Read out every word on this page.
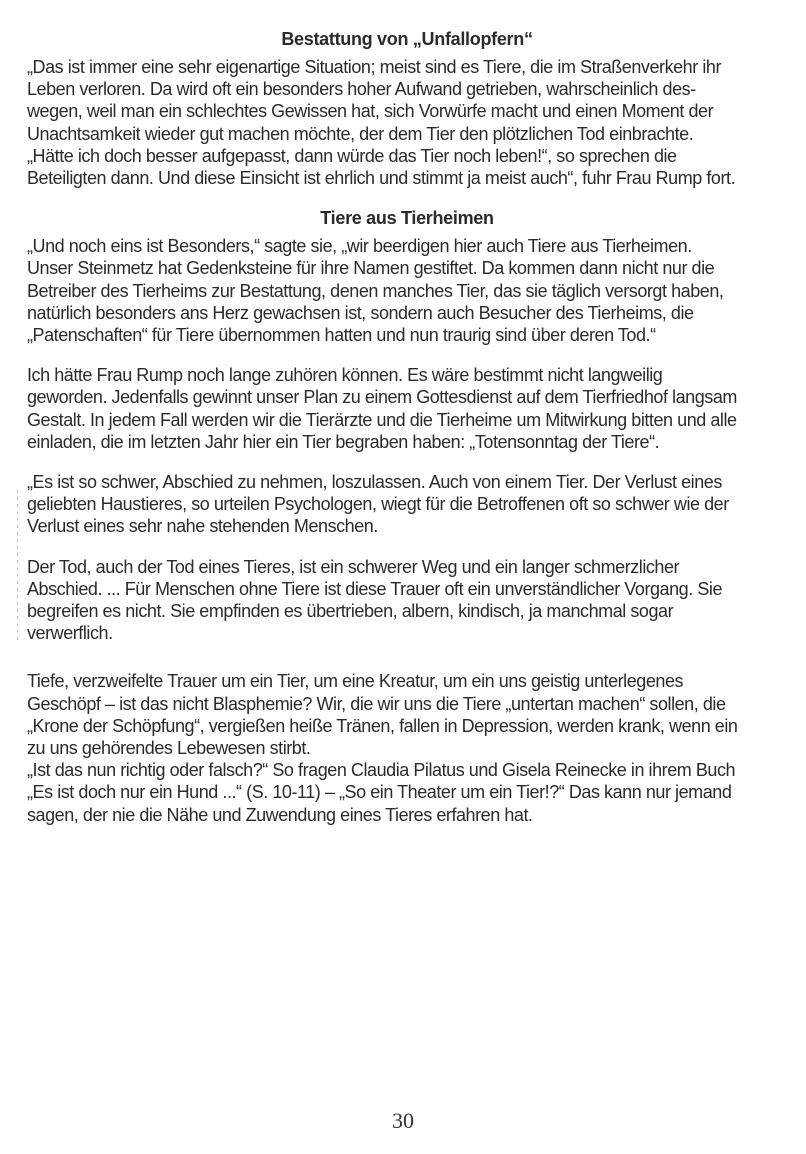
Bestattung von „Unfallopfern“
„Das ist immer eine sehr eigenartige Situation; meist sind es Tiere, die im Straßenverkehr ihr
Leben verloren. Da wird oft ein besonders hoher Aufwand getrieben, wahrscheinlich des-
wegen, weil man ein schlechtes Gewissen hat, sich Vorwürfe macht und einen Moment der
Unachtsamkeit wieder gut machen möchte, der dem Tier den plötzlichen Tod einbrachte.
„Hätte ich doch besser aufgepasst, dann würde das Tier noch leben!“, so sprechen die
Beteiligten dann. Und diese Einsicht ist ehrlich und stimmt ja meist auch“, fuhr Frau Rump fort.
Tiere aus Tierheimen
„Und noch eins ist Besonders,“ sagte sie, „wir beerdigen hier auch Tiere aus Tierheimen.
Unser Steinmetz hat Gedenksteine für ihre Namen gestiftet. Da kommen dann nicht nur die
Betreiber des Tierheims zur Bestattung, denen manches Tier, das sie täglich versorgt haben,
natürlich besonders ans Herz gewachsen ist, sondern auch Besucher des Tierheims, die
„Patenschaften“ für Tiere übernommen hatten und nun traurig sind über deren Tod.“
Ich hätte Frau Rump noch lange zuhören können. Es wäre bestimmt nicht langweilig
geworden. Jedenfalls gewinnt unser Plan zu einem Gottesdienst auf dem Tierfriedhof langsam
Gestalt. In jedem Fall werden wir die Tierärzte und die Tierheime um Mitwirkung bitten und alle
einladen, die im letzten Jahr hier ein Tier begraben haben: „Totensonntag der Tiere“.
„Es ist so schwer, Abschied zu nehmen, loszulassen. Auch von einem Tier. Der Verlust eines
geliebten Haustieres, so urteilen Psychologen, wiegt für die Betroffenen oft so schwer wie der
Verlust eines sehr nahe stehenden Menschen.
Der Tod, auch der Tod eines Tieres, ist ein schwerer Weg und ein langer schmerzlicher
Abschied. ... Für Menschen ohne Tiere ist diese Trauer oft ein unverständlicher Vorgang. Sie
begreifen es nicht. Sie empfinden es übertrieben, albern, kindisch, ja manchmal sogar
verwerflich.
Tiefe, verzweifelte Trauer um ein Tier, um eine Kreatur, um ein uns geistig unterlegenes
Geschöpf – ist das nicht Blasphemie? Wir, die wir uns die Tiere „untertan machen“ sollen, die
„Krone der Schöpfung“, vergießen heiße Tränen, fallen in Depression, werden krank, wenn ein
zu uns gehörendes Lebewesen stirbt.
„Ist das nun richtig oder falsch?“ So fragen Claudia Pilatus und Gisela Reinecke in ihrem Buch
„Es ist doch nur ein Hund ...“ (S. 10-11) – „So ein Theater um ein Tier!?“ Das kann nur jemand
sagen, der nie die Nähe und Zuwendung eines Tieres erfahren hat.
30
